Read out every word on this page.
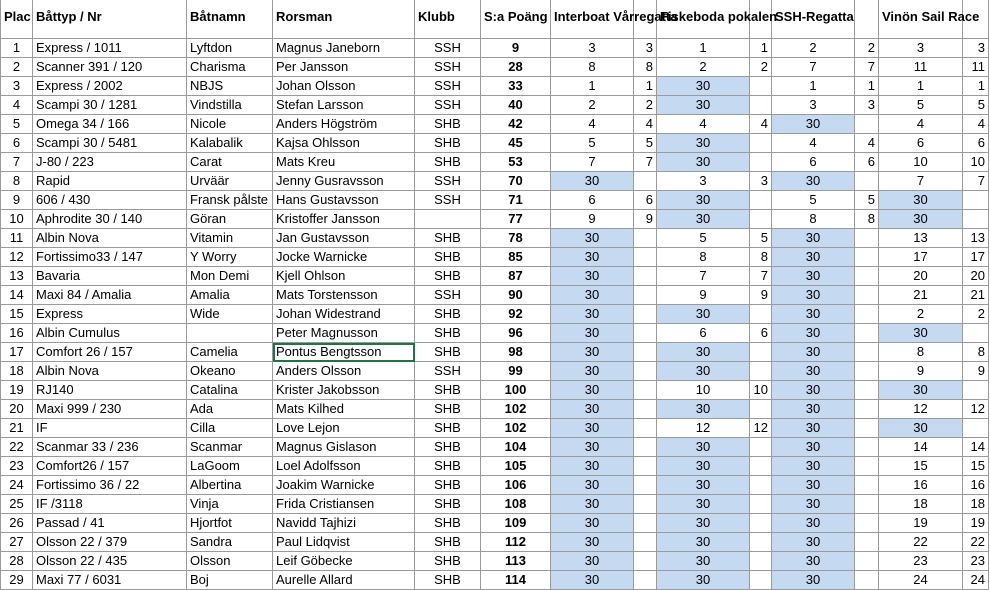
Plac	Båttyp / Nr	Båtnamn	Rorsman	Klubb	S:a Poäng	Interboat Vårregatta		Fiskeboda pokalen		SSH-Regatta		Vinön Sail Race	
1	Express / 1011	Lyftdon	Magnus Janeborn	SSH	9	3	3	1	1	2	2	3	3
2	Scanner 391 / 120	Charisma	Per Jansson	SSH	28	8	8	2	2	7	7	11	11
3	Express / 2002	NBJS	Johan Olsson	SSH	33	1	1	30		1	1	1	1
4	Scampi 30 / 1281	Vindstilla	Stefan Larsson	SSH	40	2	2	30		3	3	5	5
5	Omega 34 / 166	Nicole	Anders Högström	SHB	42	4	4	4	4	30		4	4
6	Scampi 30 / 5481	Kalabalik	Kajsa Ohlsson	SHB	45	5	5	30		4	4	6	6
7	J-80 / 223	Carat	Mats Kreu	SHB	53	7	7	30		6	6	10	10
8	Rapid	Urväär	Jenny Gusravsson	SSH	70	30		3	3	30		7	7
9	606 / 430	Fransk pålste	Hans Gustavsson	SSH	71	6	6	30		5	5	30	
10	Aphrodite 30 / 140	Göran	Kristoffer Jansson		77	9	9	30		8	8	30	
11	Albin Nova	Vitamin	Jan Gustavsson	SHB	78	30		5	5	30		13	13
12	Fortissimo33 / 147	Y Worry	Jocke Warnicke	SHB	85	30		8	8	30		17	17
13	Bavaria	Mon Demi	Kjell Ohlson	SHB	87	30		7	7	30		20	20
14	Maxi 84 / Amalia	Amalia	Mats Torstensson	SSH	90	30		9	9	30		21	21
15	Express	Wide	Johan Widestrand	SHB	92	30		30		30		2	2
16	Albin Cumulus		Peter Magnusson	SHB	96	30		6	6	30		30	
17	Comfort 26 / 157	Camelia	Pontus Bengtsson	SHB	98	30		30		30		8	8
18	Albin Nova	Okeano	Anders Olsson	SSH	99	30		30		30		9	9
19	RJ140	Catalina	Krister Jakobsson	SHB	100	30		10	10	30		30	
20	Maxi 999 / 230	Ada	Mats Kilhed	SHB	102	30		30		30		12	12
21	IF	Cilla	Love Lejon	SHB	102	30		12	12	30		30	
22	Scanmar 33 / 236	Scanmar	Magnus Gislason	SHB	104	30		30		30		14	14
23	Comfort26 / 157	LaGoom	Loel Adolfsson	SHB	105	30		30		30		15	15
24	Fortissimo 36 / 22	Albertina	Joakim Warnicke	SHB	106	30		30		30		16	16
25	IF /3118	Vinja	Frida Cristiansen	SHB	108	30		30		30		18	18
26	Passad / 41	Hjortfot	Navidd Tajhizi	SHB	109	30		30		30		19	19
27	Olsson 22 / 379	Sandra	Paul Lidqvist	SHB	112	30		30		30		22	22
28	Olsson 22 / 435	Olsson	Leif Göbecke	SHB	113	30		30		30		23	23
29	Maxi 77 / 6031	Boj	Aurelle Allard	SHB	114	30		30		30		24	24
